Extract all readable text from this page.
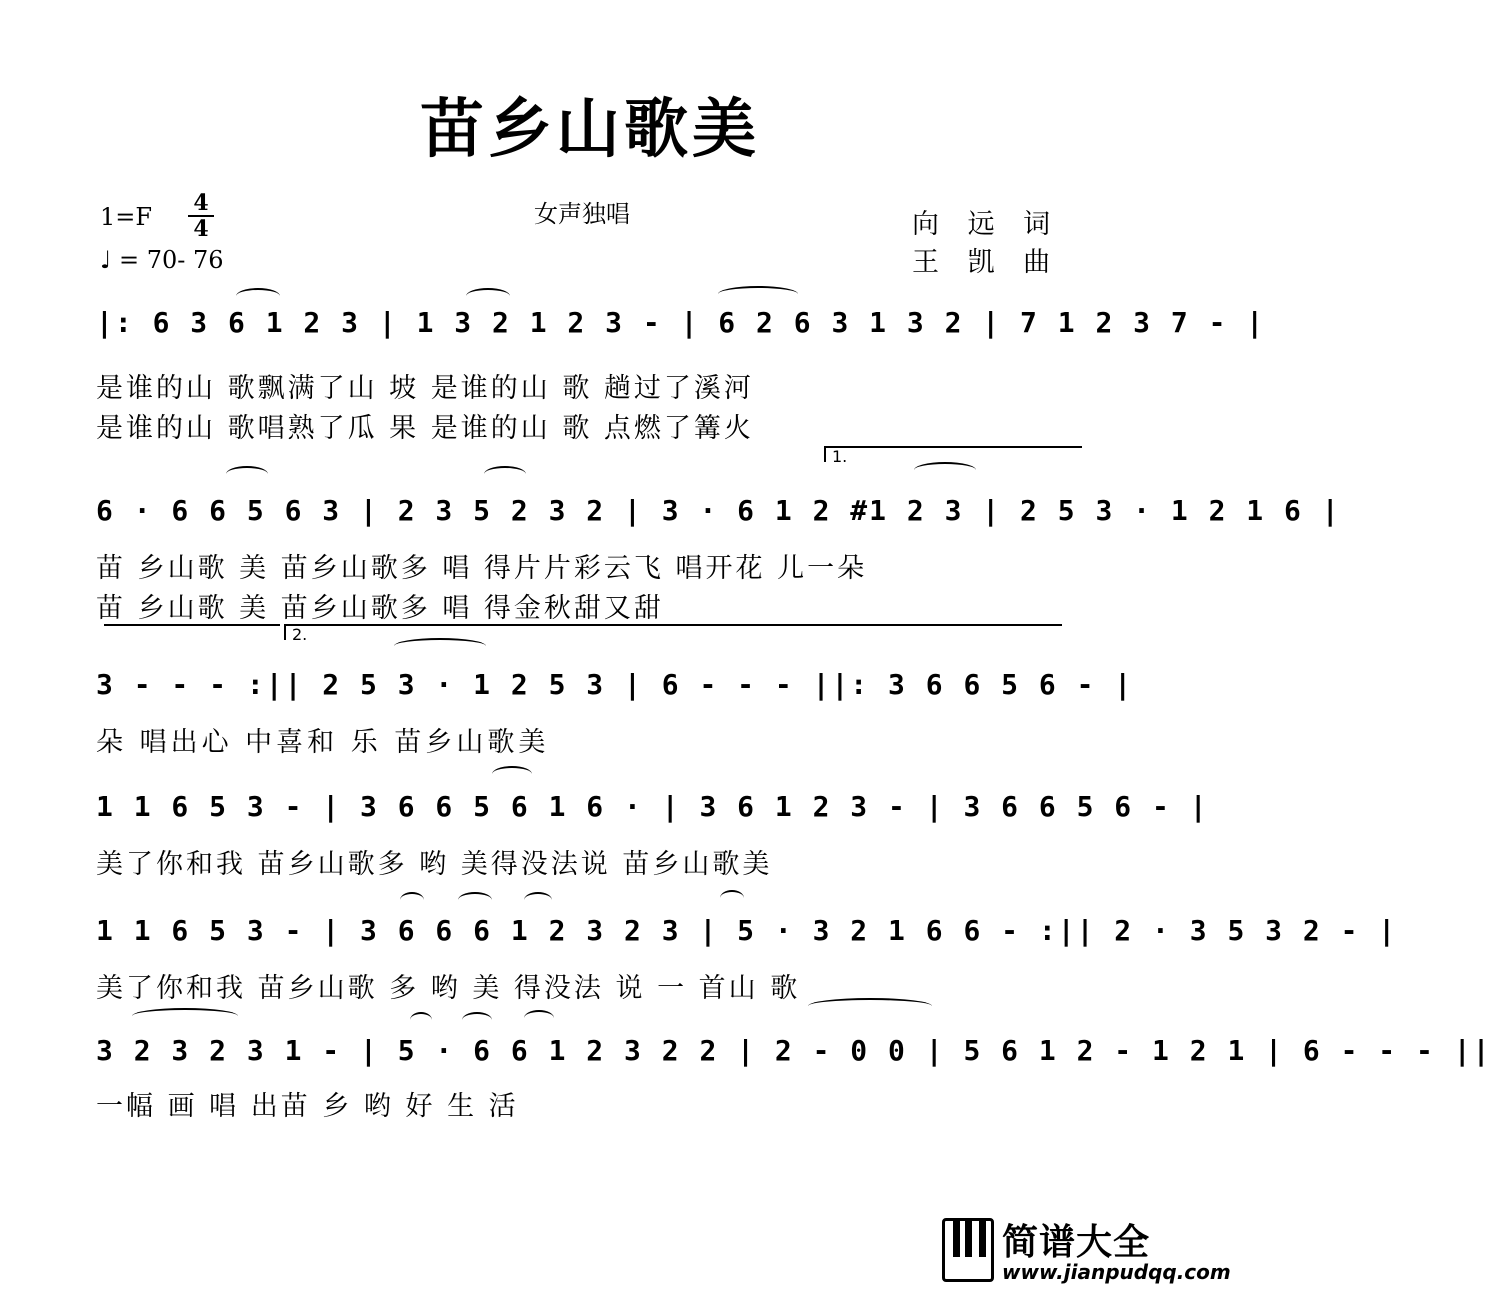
苗乡山歌美
1=F 4
4
♩ = 70- 76
女声独唱	向 远 词
王 凯 曲
|: 6 3 6 1 2 3 | 1 3 2 1 2 3 - | 6 2 6 3 1 3 2 | 7 1 2 3 7 - |
是谁的山 歌飘满了山 坡 是谁的山 歌 趟过了溪河
是谁的山 歌唱熟了瓜 果 是谁的山 歌 点燃了篝火
1.
6 · 6 6 5 6 3 | 2 3 5 2 3 2 | 3 · 6 1 2 #1 2 3 | 2 5 3 · 1 2 1 6 |
苗 乡山歌 美 苗乡山歌多 唱 得片片彩云飞 唱开花 儿一朵
苗 乡山歌 美 苗乡山歌多 唱 得金秋甜又甜
2.
3 - - - :|| 2 5 3 · 1 2 5 3 | 6 - - - ||: 3 6 6 5 6 - |
朵 唱出心 中喜和 乐 苗乡山歌美
1 1 6 5 3 - | 3 6 6 5 6 1 6 · | 3 6 1 2 3 - | 3 6 6 5 6 - |
美了你和我 苗乡山歌多 哟 美得没法说 苗乡山歌美
1 1 6 5 3 - | 3 6 6 6 1 2 3 2 3 | 5 · 3 2 1 6 6 - :|| 2 · 3 5 3 2 - |
美了你和我 苗乡山歌 多 哟 美 得没法 说 一 首山 歌
3 2 3 2 3 1 - | 5 · 6 6 1 2 3 2 2 | 2 - 0 0 | 5 6 1 2 - 1 2 1 | 6 - - - ||
一幅 画 唱 出苗 乡 哟 好 生 活
简谱大全
www.jianpudqq.com
